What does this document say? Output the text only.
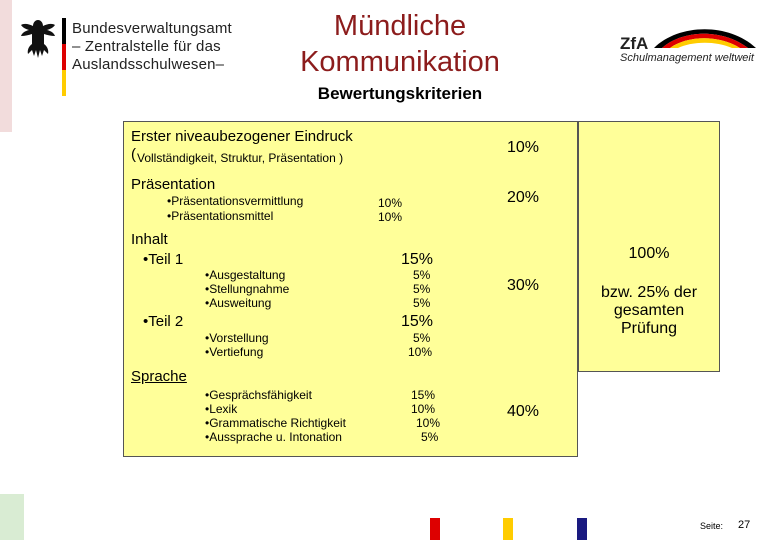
Bundesverwaltungsamt
– Zentralstelle für das
Auslandsschulwesen–
Mündliche
Kommunikation
Bewertungskriterien
ZfA
Schulmanagement weltweit
Erster niveaubezogener Eindruck
( Vollständigkeit, Struktur, Präsentation )
10%
Präsentation
•Präsentationsvermittlung
•Präsentationsmittel
10%
10%
20%
Inhalt
•Teil 1	15%
•Ausgestaltung
•Stellungnahme
•Ausweitung
5%
5%
5%
•Teil 2	15%
•Vorstellung
•Vertiefung
5%
10%
30%
Sprache
•Gesprächsfähigkeit
•Lexik
•Grammatische Richtigkeit
•Aussprache u. Intonation
15%
10%
10%
5%
40%
100%
bzw. 25% der
gesamten
Prüfung
Seite: 27
